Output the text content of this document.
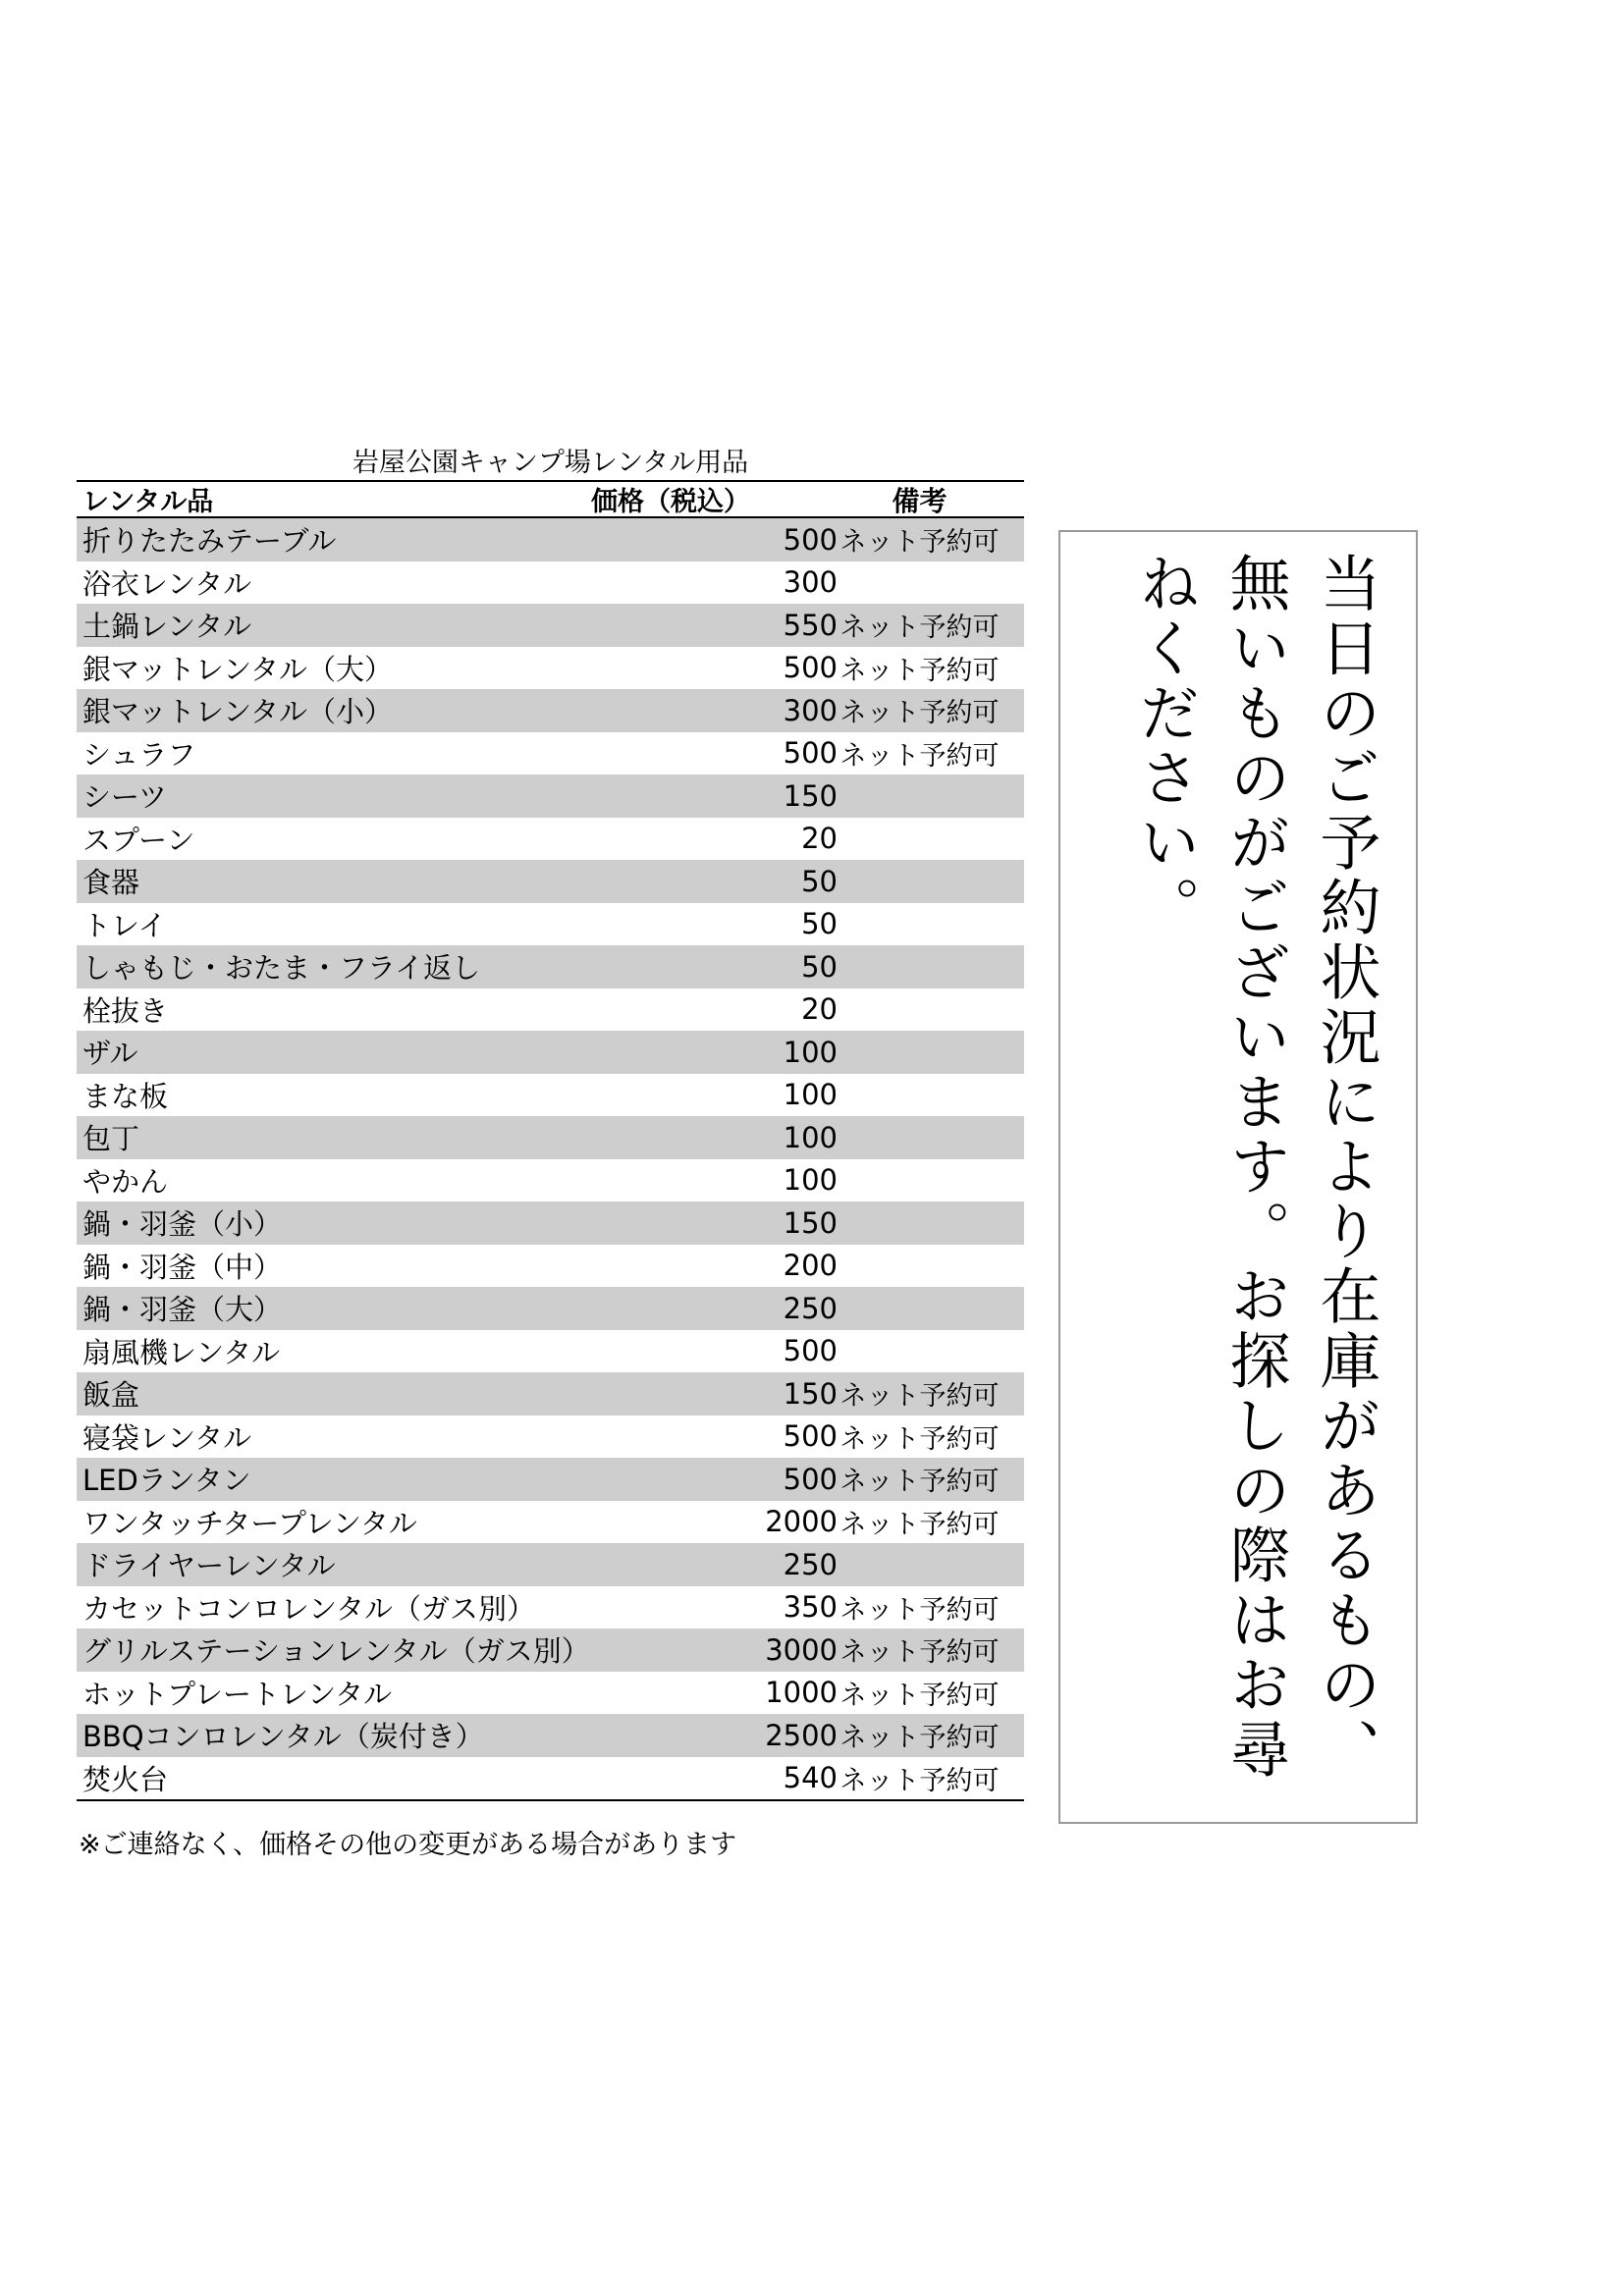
岩屋公園キャンプ場レンタル用品
レンタル品	価格（税込）	備考
折りたたみテーブル	500 ネット予約可
浴衣レンタル	300
土鍋レンタル	550 ネット予約可
銀マットレンタル（大）	500 ネット予約可
銀マットレンタル（小）	300 ネット予約可
シュラフ	500 ネット予約可
シーツ	150
スプーン	20
食器	50
トレイ	50
しゃもじ・おたま・フライ返し	50
栓抜き	20
ザル	100
まな板	100
包丁	100
やかん	100
鍋・羽釜（小）	150
鍋・羽釜（中）	200
鍋・羽釜（大）	250
扇風機レンタル	500
飯盒	150 ネット予約可
寝袋レンタル	500 ネット予約可
LEDランタン	500 ネット予約可
ワンタッチタープレンタル	2000 ネット予約可
ドライヤーレンタル	250
カセットコンロレンタル（ガス別）	350 ネット予約可
グリルステーションレンタル（ガス別）	3000 ネット予約可
ホットプレートレンタル	1000 ネット予約可
BBQコンロレンタル（炭付き）	2500 ネット予約可
焚火台	540 ネット予約可
※ご連絡なく、価格その他の変更がある場合があります
当日のご予約状況により在庫があるもの、無いものがございます。お探しの際はお尋ねください。
